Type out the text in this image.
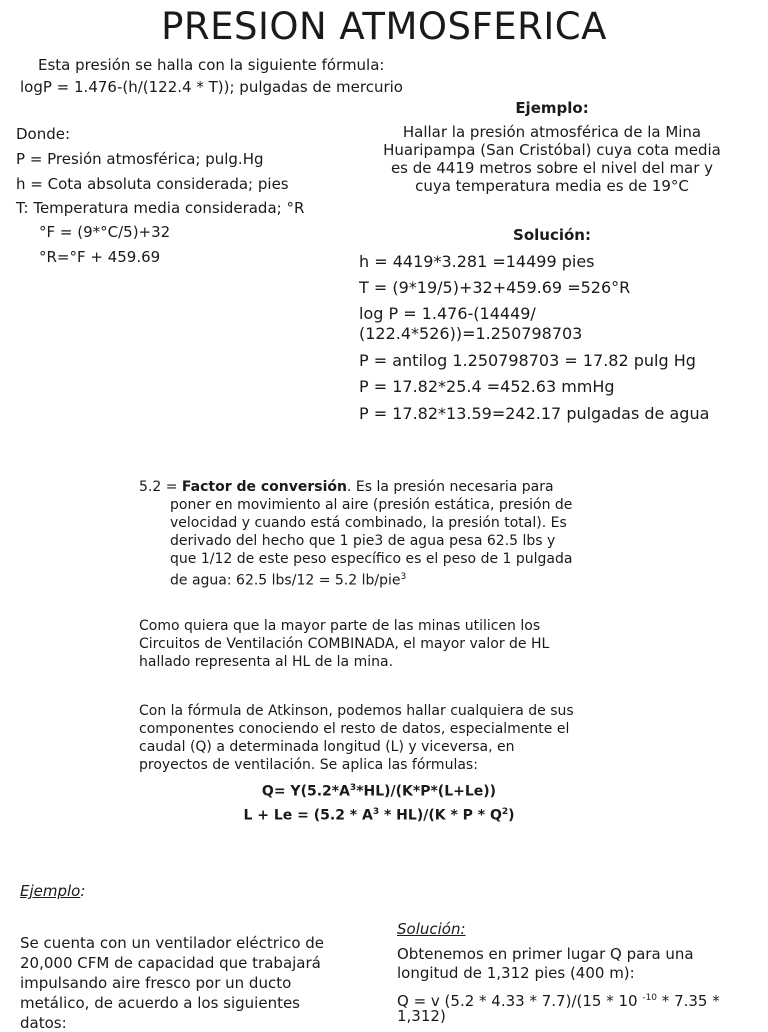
PRESION ATMOSFERICA
Esta presión se halla con la siguiente fórmula:
logP = 1.476-(h/(122.4 * T)); pulgadas de mercurio
Donde:
P = Presión atmosférica; pulg.Hg
h = Cota absoluta considerada; pies
T: Temperatura media considerada; °R
°F = (9*°C/5)+32
°R=°F + 459.69
Ejemplo:
Hallar la presión atmosférica de la Mina
Huaripampa (San Cristóbal) cuya cota media
es de 4419 metros sobre el nivel del mar y
cuya temperatura media es de 19°C
Solución:
h = 4419*3.281 =14499 pies
T = (9*19/5)+32+459.69 =526°R
log P = 1.476-(14449/
(122.4*526))=1.250798703
P = antilog 1.250798703 = 17.82 pulg Hg
P = 17.82*25.4 =452.63 mmHg
P = 17.82*13.59=242.17 pulgadas de agua
5.2 = Factor de conversión. Es la presión necesaria para
poner en movimiento al aire (presión estática, presión de
velocidad y cuando está combinado, la presión total). Es
derivado del hecho que 1 pie3 de agua pesa 62.5 lbs y
que 1/12 de este peso específico es el peso de 1 pulgada
de agua: 62.5 lbs/12 = 5.2 lb/pie$^3$
Como quiera que la mayor parte de las minas utilicen los
Circuitos de Ventilación COMBINADA, el mayor valor de HL
hallado representa al HL de la mina.
Con la fórmula de Atkinson, podemos hallar cualquiera de sus
componentes conociendo el resto de datos, especialmente el
caudal (Q) a determinada longitud (L) y viceversa, en
proyectos de ventilación. Se aplica las fórmulas:
$Q= Y(5.2*A^3*HL)/(K*P*(L+Le))$
$L + Le = (5.2 * A^3 * HL)/(K * P * Q^2)$
Ejemplo:
Se cuenta con un ventilador eléctrico de
20,000 CFM de capacidad que trabajará
impulsando aire fresco por un ducto
metálico, de acuerdo a los siguientes
datos:
Solución:
Obtenemos en primer lugar Q para una
longitud de 1,312 pies (400 m):
Q = v (5.2 * 4.33 * 7.7)/(15 * 10 $^{-10}$ * 7.35 *
1,312)
